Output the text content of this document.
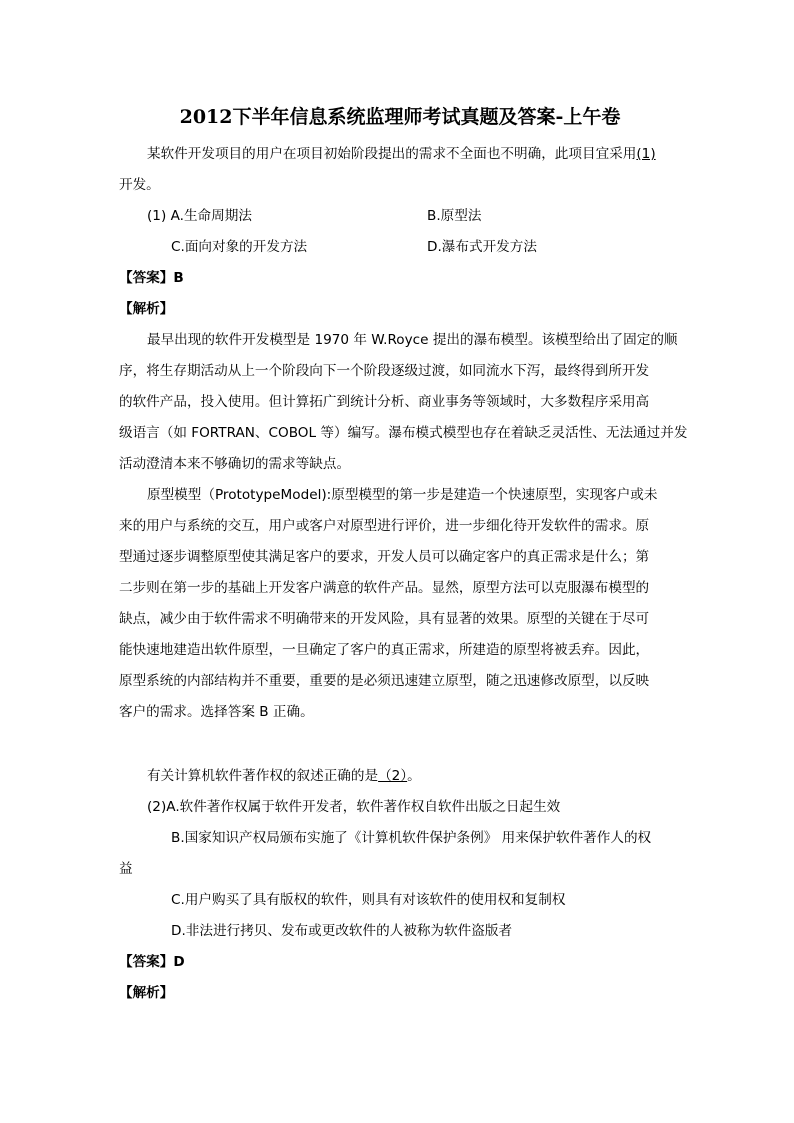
2012下半年信息系统监理师考试真题及答案-上午卷
某软件开发项目的用户在项目初始阶段提出的需求不全面也不明确，此项目宜采用(1)
开发。
(1) A.生命周期法	B.原型法
C.面向对象的开发方法	D.瀑布式开发方法
【答案】B
【解析】
最早出现的软件开发模型是 1970 年 W.Royce 提出的瀑布模型。该模型给出了固定的顺
序，将生存期活动从上一个阶段向下一个阶段逐级过渡，如同流水下泻，最终得到所开发
的软件产品，投入使用。但计算拓广到统计分析、商业事务等领域时，大多数程序采用高
级语言（如 FORTRAN、COBOL 等）编写。瀑布模式模型也存在着缺乏灵活性、无法通过并发
活动澄清本来不够确切的需求等缺点。
原型模型（PrototypeModel):原型模型的第一步是建造一个快速原型，实现客户或未
来的用户与系统的交互，用户或客户对原型进行评价，进一步细化待开发软件的需求。原
型通过逐步调整原型使其满足客户的要求，开发人员可以确定客户的真正需求是什么；第
二步则在第一步的基础上开发客户满意的软件产品。显然，原型方法可以克服瀑布模型的
缺点，减少由于软件需求不明确带来的开发风险，具有显著的效果。原型的关键在于尽可
能快速地建造出软件原型，一旦确定了客户的真正需求，所建造的原型将被丢弃。因此，
原型系统的内部结构并不重要，重要的是必须迅速建立原型，随之迅速修改原型，以反映
客户的需求。选择答案 B 正确。
有关计算机软件著作权的叙述正确的是（2）。
(2)A.软件著作权属于软件开发者，软件著作权自软件出版之日起生效
B.国家知识产权局颁布实施了《计算机软件保护条例》 用来保护软件著作人的权
益
C.用户购买了具有版权的软件，则具有对该软件的使用权和复制权
D.非法进行拷贝、发布或更改软件的人被称为软件盗版者
【答案】D
【解析】
